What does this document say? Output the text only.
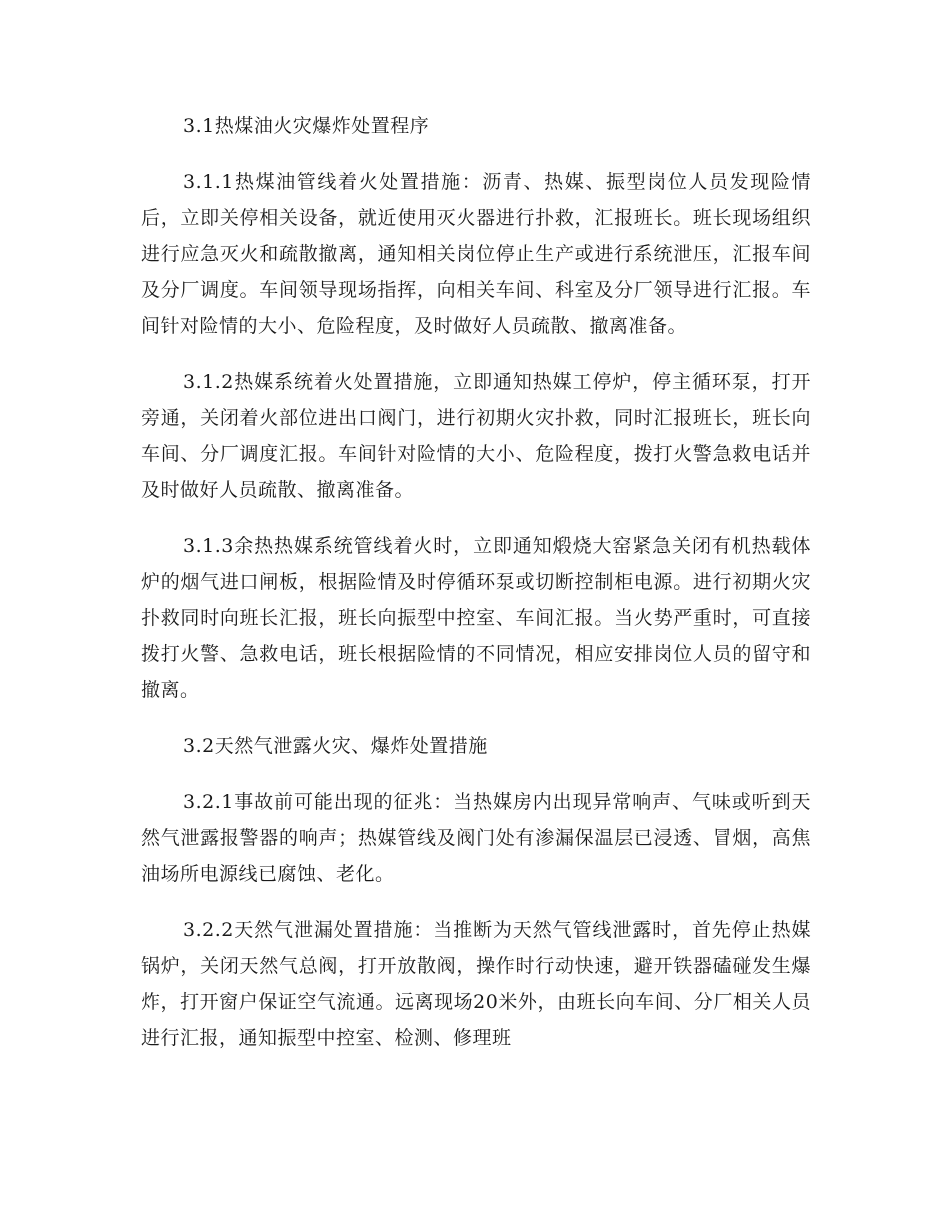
3.1热煤油火灾爆炸处置程序

3.1.1热煤油管线着火处置措施：沥青、热媒、振型岗位人员发现险情后，立即关停相关设备，就近使用灭火器进行扑救，汇报班长。班长现场组织进行应急灭火和疏散撤离，通知相关岗位停止生产或进行系统泄压，汇报车间及分厂调度。车间领导现场指挥，向相关车间、科室及分厂领导进行汇报。车间针对险情的大小、危险程度，及时做好人员疏散、撤离准备。

3.1.2热媒系统着火处置措施，立即通知热媒工停炉，停主循环泵，打开旁通，关闭着火部位进出口阀门，进行初期火灾扑救，同时汇报班长，班长向车间、分厂调度汇报。车间针对险情的大小、危险程度，拨打火警急救电话并及时做好人员疏散、撤离准备。

3.1.3余热热媒系统管线着火时，立即通知煅烧大窑紧急关闭有机热载体炉的烟气进口闸板，根据险情及时停循环泵或切断控制柜电源。进行初期火灾扑救同时向班长汇报，班长向振型中控室、车间汇报。当火势严重时，可直接拨打火警、急救电话，班长根据险情的不同情况，相应安排岗位人员的留守和撤离。

3.2天然气泄露火灾、爆炸处置措施

3.2.1事故前可能出现的征兆：当热媒房内出现异常响声、气味或听到天然气泄露报警器的响声；热媒管线及阀门处有渗漏保温层已浸透、冒烟，高焦油场所电源线已腐蚀、老化。

3.2.2天然气泄漏处置措施：当推断为天然气管线泄露时，首先停止热媒锅炉，关闭天然气总阀，打开放散阀，操作时行动快速，避开铁器磕碰发生爆炸，打开窗户保证空气流通。远离现场20米外，由班长向车间、分厂相关人员进行汇报，通知振型中控室、检测、修理班
